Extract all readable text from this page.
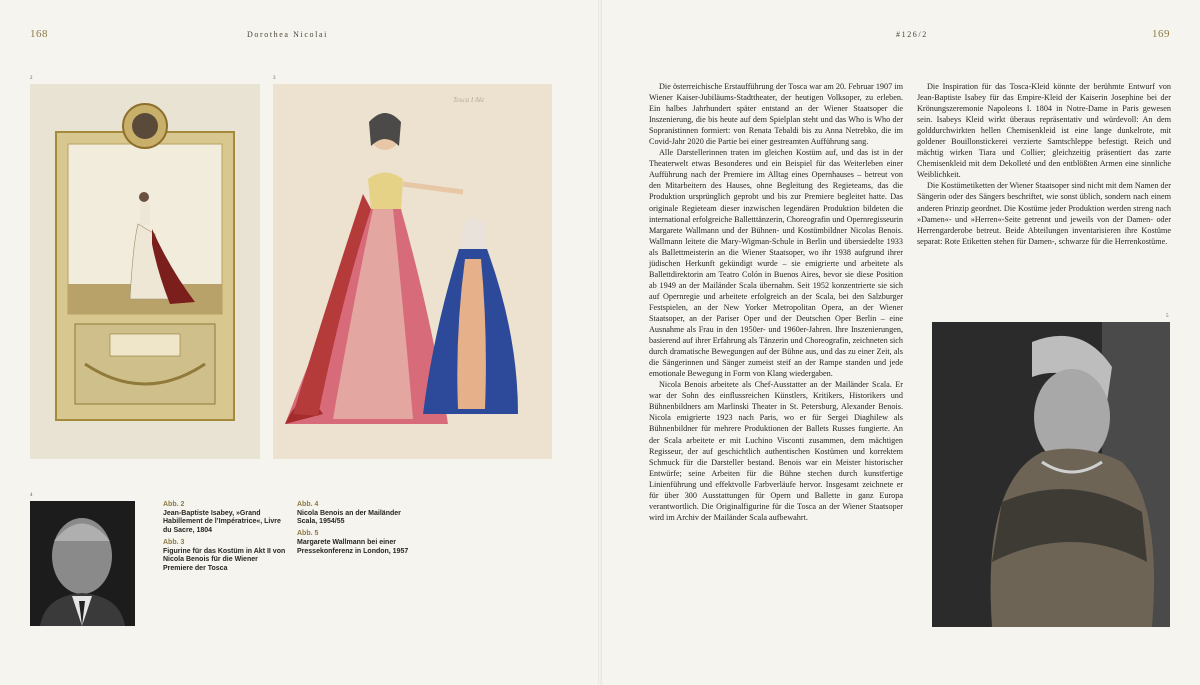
168	Dorothea Nicolai	#126/2	169
2	3
Tosca I Akt
4
Abb. 2
Jean-Baptiste Isabey, »Grand Habillement de l’Impératrice«, Livre du Sacre, 1804
Abb. 3
Figurine für das Kostüm in Akt II von Nicola Benois für die Wiener Premiere der Tosca
Abb. 4
Nicola Benois an der Mailänder Scala, 1954/55
Abb. 5
Margarete Wallmann bei einer Pressekonferenz in London, 1957

Die österreichische Erstaufführung der Tosca war am 20. Februar 1907 im Wiener Kaiser-Jubiläums-Stadttheater, der heutigen Volksoper, zu erleben. Ein halbes Jahrhundert später entstand an der Wiener Staatsoper die Inszenierung, die bis heute auf dem Spielplan steht und das Who is Who der Sopranistinnen formiert: von Renata Tebaldi bis zu Anna Netrebko, die im Covid-Jahr 2020 die Partie bei einer gestreamten Aufführung sang.

Alle Darstellerinnen traten im gleichen Kostüm auf, und das ist in der Theaterwelt etwas Besonderes und ein Beispiel für das Weiterleben einer Aufführung nach der Premiere im Alltag eines Opernhauses – betreut von den Mitarbeitern des Hauses, ohne Begleitung des Regieteams, das die Produktion ursprünglich geprobt und bis zur Premiere begleitet hatte. Das originale Regieteam dieser inzwischen legendären Produktion bildeten die international erfolgreiche Balletttänzerin, Choreografin und Opernregisseurin Margarete Wallmann und der Bühnen- und Kostümbildner Nicolas Benois. Wallmann leitete die Mary-Wigman-Schule in Berlin und übersiedelte 1933 als Ballettmeisterin an die Wiener Staatsoper, wo ihr 1938 aufgrund ihrer jüdischen Herkunft gekündigt wurde – sie emigrierte und arbeitete als Ballettdirektorin am Teatro Colón in Buenos Aires, bevor sie diese Position ab 1949 an der Mailänder Scala übernahm. Seit 1952 konzentrierte sie sich auf Opernregie und arbeitete erfolgreich an der Scala, bei den Salzburger Festspielen, an der New Yorker Metropolitan Opera, an der Wiener Staatsoper, an der Pariser Oper und der Deutschen Oper Berlin – eine Ausnahme als Frau in den 1950er- und 1960er-Jahren. Ihre Inszenierungen, basierend auf ihrer Erfahrung als Tänzerin und Choreografin, zeichneten sich durch dramatische Bewegungen auf der Bühne aus, und das zu einer Zeit, als die Sängerinnen und Sänger zumeist steif an der Rampe standen und jede emotionale Bewegung in Form von Klang wiedergaben.

Nicola Benois arbeitete als Chef-Ausstatter an der Mailänder Scala. Er war der Sohn des einflussreichen Künstlers, Kritikers, Historikers und Bühnenbildners am Marlinski Theater in St. Petersburg, Alexander Benois. Nicola emigrierte 1923 nach Paris, wo er für Sergei Diaghilew als Bühnenbildner für mehrere Produktionen der Ballets Russes fungierte. An der Scala arbeitete er mit Luchino Visconti zusammen, dem mächtigen Regisseur, der auf geschichtlich authentischen Kostümen und korrektem Schmuck für die Darsteller bestand. Benois war ein Meister historischer Entwürfe; seine Arbeiten für die Bühne stechen durch kunstfertige Linienführung und effektvolle Farbverläufe hervor. Insgesamt zeichnete er für über 300 Ausstattungen für Opern und Ballette in ganz Europa verantwortlich. Die Originalfigurine für die Tosca an der Wiener Staatsoper wird im Archiv der Mailänder Scala aufbewahrt.

Die Inspiration für das Tosca-Kleid könnte der berühmte Entwurf von Jean-Baptiste Isabey für das Empire-Kleid der Kaiserin Josephine bei der Krönungszeremonie Napoleons I. 1804 in Notre-Dame in Paris gewesen sein. Isabeys Kleid wirkt überaus repräsentativ und würdevoll: An dem golddurchwirkten hellen Chemisenkleid ist eine lange dunkelrote, mit goldener Bouillonstickerei verzierte Samtschleppe befestigt. Reich und mächtig wirken Tiara und Collier; gleichzeitig präsentiert das zarte Chemisenkleid mit dem Dekolleté und den entblößten Armen eine sinnliche Weiblichkeit.

Die Kostümetiketten der Wiener Staatsoper sind nicht mit dem Namen der Sängerin oder des Sängers beschriftet, wie sonst üblich, sondern nach einem anderen Prinzip geordnet. Die Kostüme jeder Produktion werden streng nach »Damen«- und »Herren«-Seite getrennt und jeweils von der Damen- oder Herrengarderobe betreut. Beide Abteilungen inventarisieren ihre Kostüme separat: Rote Etiketten stehen für Damen-, schwarze für die Herrenkostüme.

5
